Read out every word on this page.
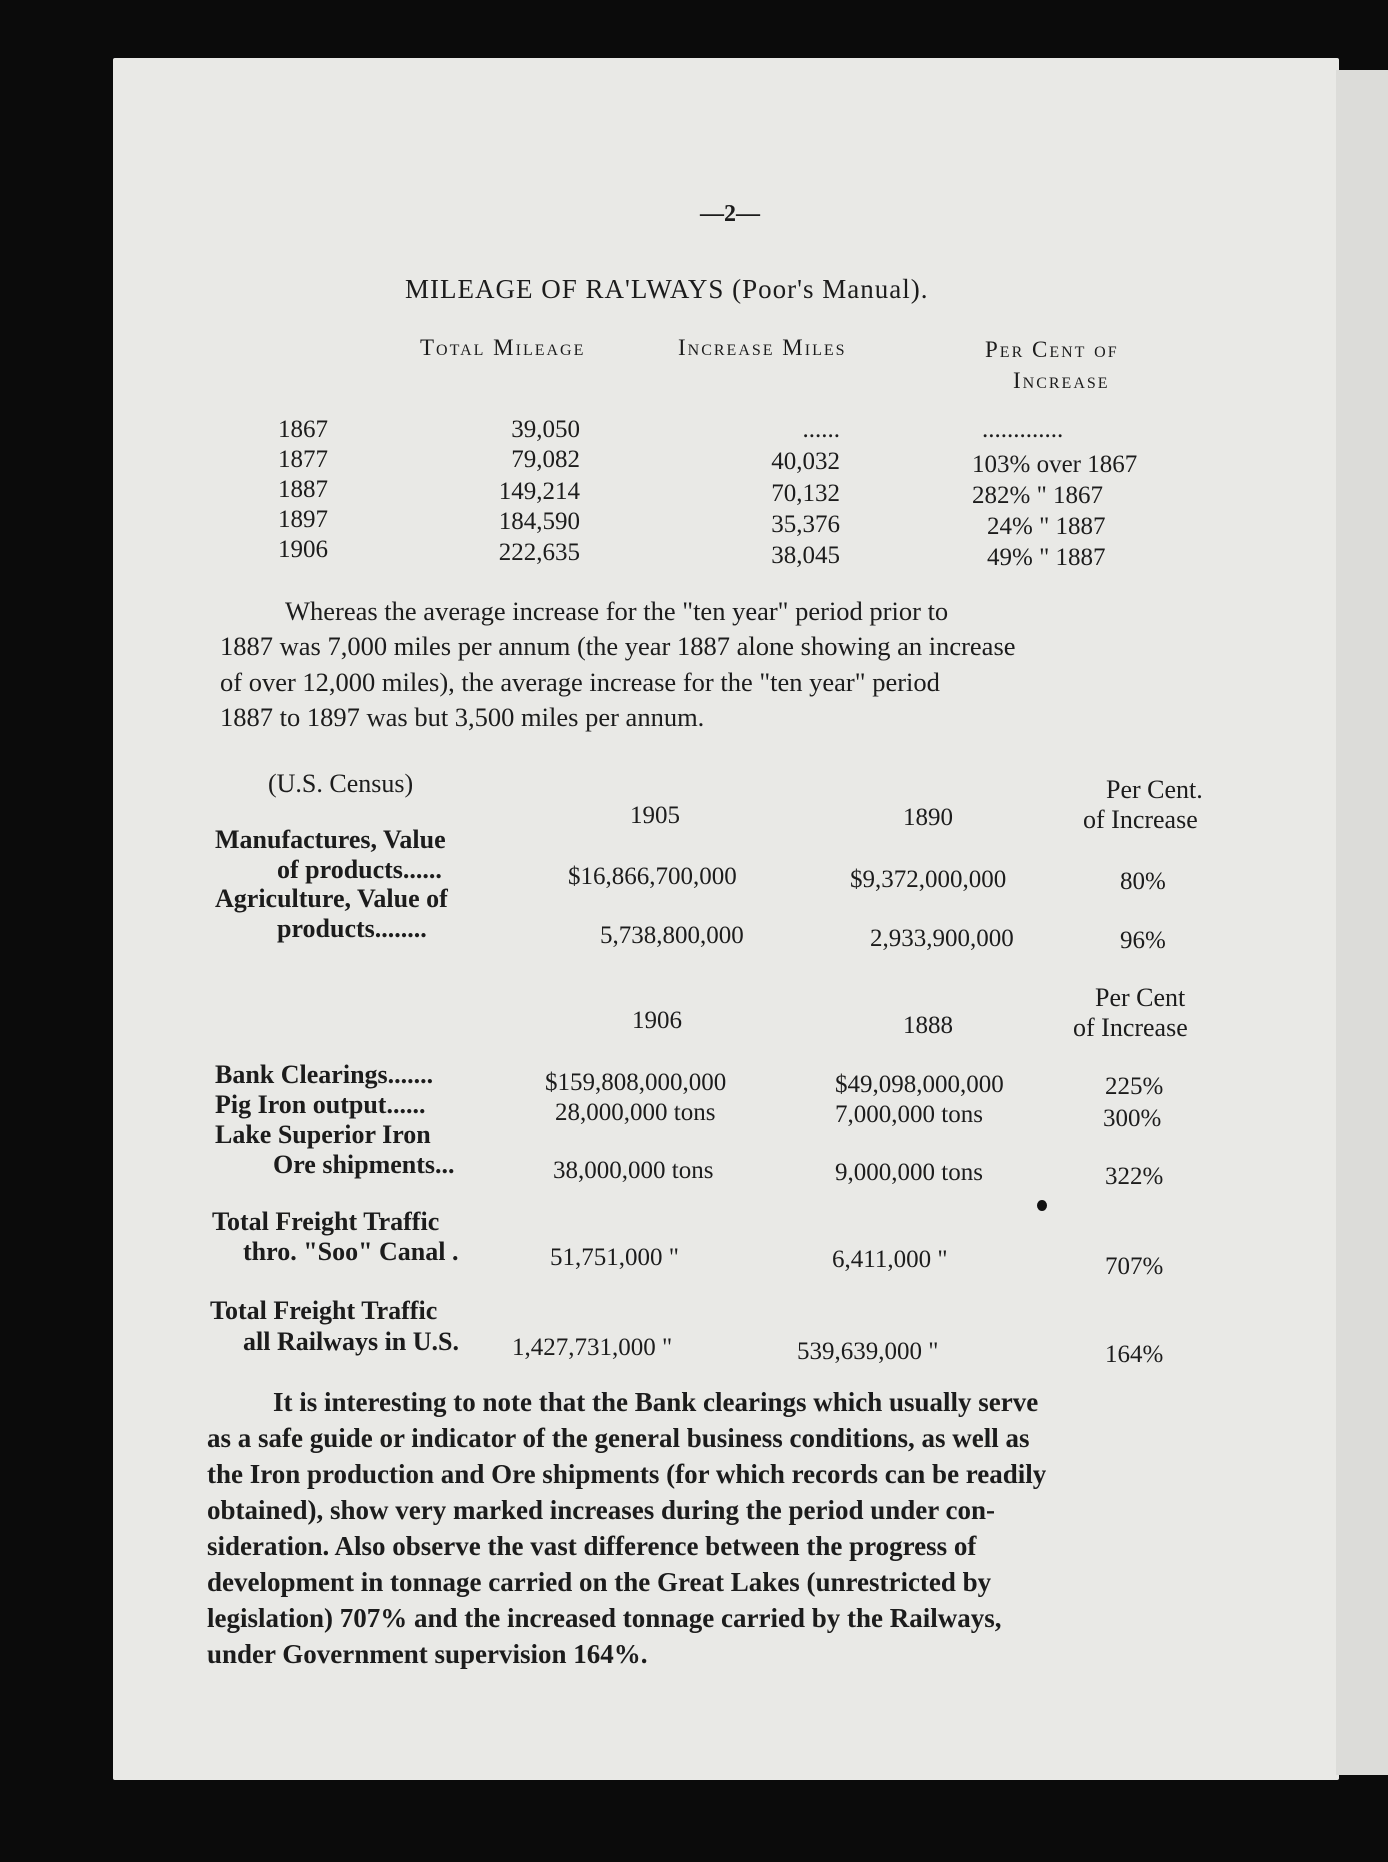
—2—
MILEAGE OF RA'LWAYS (Poor's Manual).
Total Mileage	Increase Miles	Per Cent of
Increase
1867	39,050	......	.............
1877	79,082	40,032	103% over 1867
1887	149,214	70,132	282% " 1867
1897	184,590	35,376	24% " 1887
1906	222,635	38,045	49% " 1887
Whereas the average increase for the "ten year" period prior to
1887 was 7,000 miles per annum (the year 1887 alone showing an increase
of over 12,000 miles), the average increase for the "ten year" period
1887 to 1897 was but 3,500 miles per annum.
(U.S. Census)
1905	1890
Per Cent.
of Increase
Manufactures, Value
of products......	$16,866,700,000	$9,372,000,000	80%
Agriculture, Value of
products........	5,738,800,000	2,933,900,000	96%
1906	1888
Per Cent
of Increase
Bank Clearings.......	$159,808,000,000	$49,098,000,000	225%
Pig Iron output......	28,000,000 tons	7,000,000 tons	300%
Lake Superior Iron
Ore shipments...	38,000,000 tons	9,000,000 tons	322%
Total Freight Traffic
thro. "Soo" Canal .	51,751,000 "	6,411,000 "	707%
Total Freight Traffic
all Railways in U.S. 1,427,731,000 "	539,639,000 "	164%
It is interesting to note that the Bank clearings which usually serve
as a safe guide or indicator of the general business conditions, as well as
the Iron production and Ore shipments (for which records can be readily
obtained), show very marked increases during the period under con-
sideration. Also observe the vast difference between the progress of
development in tonnage carried on the Great Lakes (unrestricted by
legislation) 707% and the increased tonnage carried by the Railways,
under Government supervision 164%.
